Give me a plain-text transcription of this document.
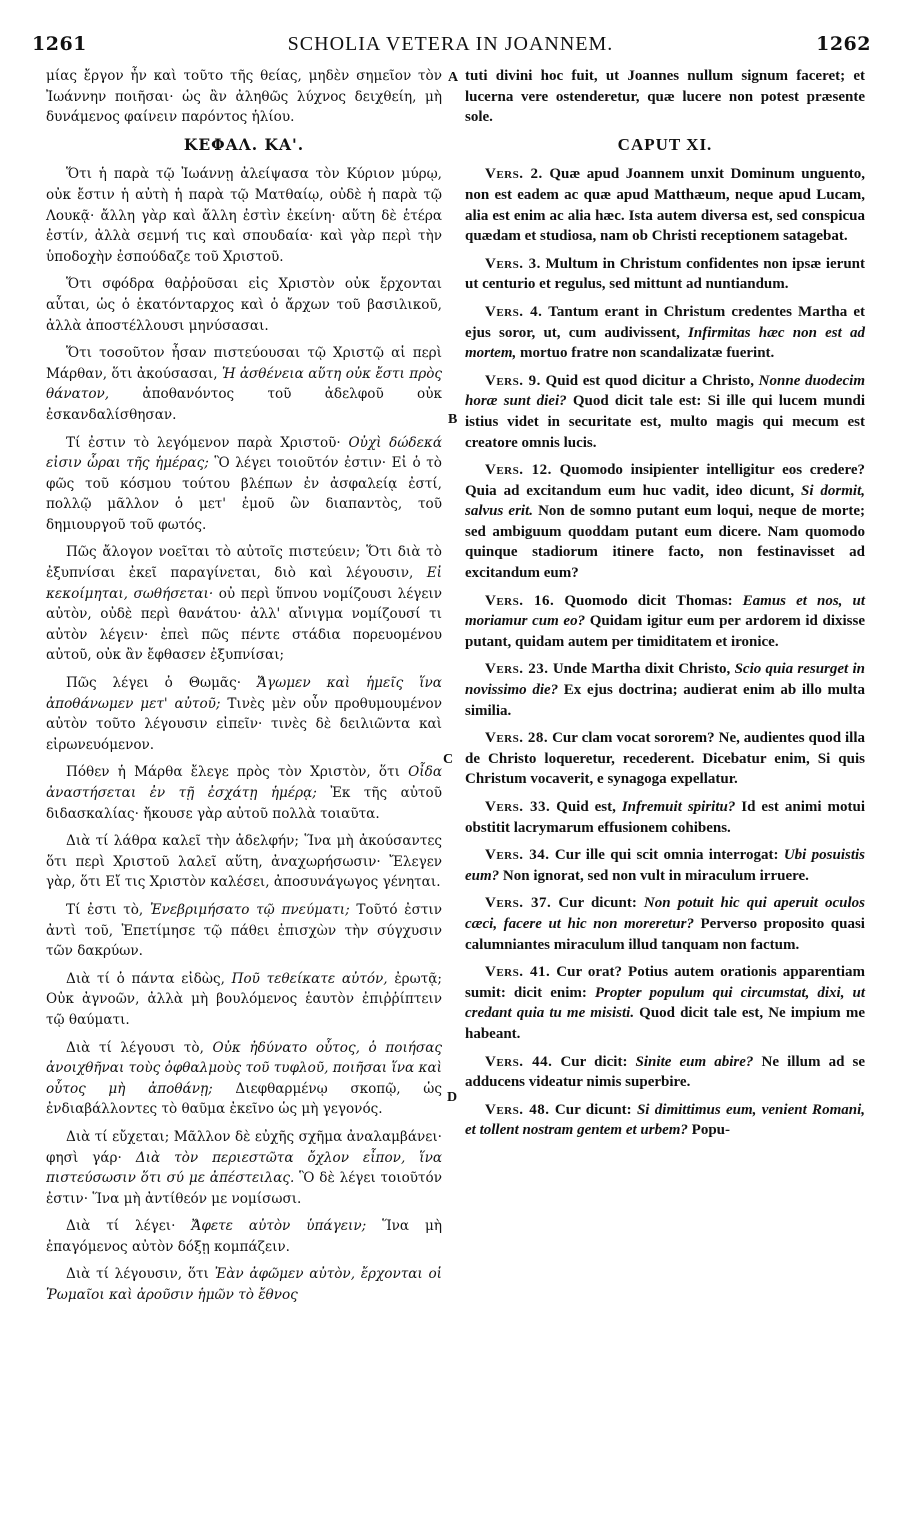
1261	SCHOLIA VETERA IN JOANNEM.	1262
A
B
C
D

μίας ἔργον ἦν καὶ τοῦτο τῆς θείας, μηδὲν σημεῖον τὸν Ἰωάννην ποιῆσαι· ὡς ἂν ἀληθῶς λύχνος δειχθείη, μὴ δυνάμενος φαίνειν παρόντος ἡλίου.

ΚΕΦΑΛ. ΚΑ'.

Ὅτι ἡ παρὰ τῷ Ἰωάννῃ ἀλείψασα τὸν Κύριον μύρῳ, οὐκ ἔστιν ἡ αὐτὴ ἡ παρὰ τῷ Ματθαίῳ, οὐδὲ ἡ παρὰ τῷ Λουκᾷ· ἄλλη γὰρ καὶ ἄλλη ἐστὶν ἐκείνη· αὕτη δὲ ἑτέρα ἐστίν, ἀλλὰ σεμνή τις καὶ σπουδαία· καὶ γὰρ περὶ τὴν ὑποδοχὴν ἐσπούδαζε τοῦ Χριστοῦ.

Ὅτι σφόδρα θαῤῥοῦσαι εἰς Χριστὸν οὐκ ἔρχονται αὗται, ὡς ὁ ἑκατόνταρχος καὶ ὁ ἄρχων τοῦ βασιλικοῦ, ἀλλὰ ἀποστέλλουσι μηνύσασαι.

Ὅτι τοσοῦτον ἦσαν πιστεύουσαι τῷ Χριστῷ αἱ περὶ Μάρθαν, ὅτι ἀκούσασαι, Ἡ ἀσθένεια αὕτη οὐκ ἔστι πρὸς θάνατον, ἀποθανόντος τοῦ ἀδελφοῦ οὐκ ἐσκανδαλίσθησαν.

Τί ἐστιν τὸ λεγόμενον παρὰ Χριστοῦ· Οὐχὶ δώδεκά εἰσιν ὧραι τῆς ἡμέρας; Ὃ λέγει τοιοῦτόν ἐστιν· Εἰ ὁ τὸ φῶς τοῦ κόσμου τούτου βλέπων ἐν ἀσφαλείᾳ ἐστί, πολλῷ μᾶλλον ὁ μετ' ἐμοῦ ὢν διαπαντὸς, τοῦ δημιουργοῦ τοῦ φωτός.

Πῶς ἄλογον νοεῖται τὸ αὐτοῖς πιστεύειν; Ὅτι διὰ τὸ ἐξυπνίσαι ἐκεῖ παραγίνεται, διὸ καὶ λέγουσιν, Εἰ κεκοίμηται, σωθήσεται· οὐ περὶ ὕπνου νομίζουσι λέγειν αὐτὸν, οὐδὲ περὶ θανάτου· ἀλλ' αἴνιγμα νομίζουσί τι αὐτὸν λέγειν· ἐπεὶ πῶς πέντε στάδια πορευομένου αὐτοῦ, οὐκ ἂν ἔφθασεν ἐξυπνίσαι;

Πῶς λέγει ὁ Θωμᾶς· Ἄγωμεν καὶ ἡμεῖς ἵνα ἀποθάνωμεν μετ' αὐτοῦ; Τινὲς μὲν οὖν προθυμουμένον αὐτὸν τοῦτο λέγουσιν εἰπεῖν· τινὲς δὲ δειλιῶντα καὶ εἰρωνευόμενον.

Πόθεν ἡ Μάρθα ἔλεγε πρὸς τὸν Χριστὸν, ὅτι Οἶδα ἀναστήσεται ἐν τῇ ἐσχάτῃ ἡμέρᾳ; Ἐκ τῆς αὐτοῦ διδασκαλίας· ἤκουσε γὰρ αὐτοῦ πολλὰ τοιαῦτα.

Διὰ τί λάθρα καλεῖ τὴν ἀδελφήν; Ἵνα μὴ ἀκούσαντες ὅτι περὶ Χριστοῦ λαλεῖ αὕτη, ἀναχωρήσωσιν· Ἔλεγεν γὰρ, ὅτι Εἴ τις Χριστὸν καλέσει, ἀποσυνάγωγος γένηται.

Τί ἐστι τὸ, Ἐνεβριμήσατο τῷ πνεύματι; Τοῦτό ἐστιν ἀντὶ τοῦ, Ἐπετίμησε τῷ πάθει ἐπισχὼν τὴν σύγχυσιν τῶν δακρύων.

Διὰ τί ὁ πάντα εἰδὼς, Ποῦ τεθείκατε αὐτόν, ἐρωτᾷ; Οὐκ ἀγνοῶν, ἀλλὰ μὴ βουλόμενος ἑαυτὸν ἐπιῤῥίπτειν τῷ θαύματι.

Διὰ τί λέγουσι τὸ, Οὐκ ἠδύνατο οὗτος, ὁ ποιήσας ἀνοιχθῆναι τοὺς ὀφθαλμοὺς τοῦ τυφλοῦ, ποιῆσαι ἵνα καὶ οὗτος μὴ ἀποθάνῃ; Διεφθαρμένῳ σκοπῷ, ὡς ἐνδιαβάλλοντες τὸ θαῦμα ἐκεῖνο ὡς μὴ γεγονός.

Διὰ τί εὔχεται; Μᾶλλον δὲ εὐχῆς σχῆμα ἀναλαμβάνει· φησὶ γάρ· Διὰ τὸν περιεστῶτα ὄχλον εἶπον, ἵνα πιστεύσωσιν ὅτι σύ με ἀπέστειλας. Ὃ δὲ λέγει τοιοῦτόν ἐστιν· Ἵνα μὴ ἀντίθεόν με νομίσωσι.

Διὰ τί λέγει· Ἄφετε αὐτὸν ὑπάγειν; Ἵνα μὴ ἐπαγόμενος αὐτὸν δόξῃ κομπάζειν.

Διὰ τί λέγουσιν, ὅτι Ἐὰν ἀφῶμεν αὐτὸν, ἔρχονται οἱ Ῥωμαῖοι καὶ ἀροῦσιν ἡμῶν τὸ ἔθνος

tuti divini hoc fuit, ut Joannes nullum signum faceret; et lucerna vere ostenderetur, quæ lucere non potest præsente sole.

CAPUT XI.

Vers. 2. Quæ apud Joannem unxit Dominum unguento, non est eadem ac quæ apud Matthæum, neque apud Lucam, alia est enim ac alia hæc. Ista autem diversa est, sed conspicua quædam et studiosa, nam ob Christi receptionem satagebat.

Vers. 3. Multum in Christum confidentes non ipsæ ierunt ut centurio et regulus, sed mittunt ad nuntiandum.

Vers. 4. Tantum erant in Christum credentes Martha et ejus soror, ut, cum audivissent, Infirmitas hæc non est ad mortem, mortuo fratre non scandalizatæ fuerint.

Vers. 9. Quid est quod dicitur a Christo, Nonne duodecim horæ sunt diei? Quod dicit tale est: Si ille qui lucem mundi istius videt in securitate est, multo magis qui mecum est creatore omnis lucis.

Vers. 12. Quomodo insipienter intelligitur eos credere? Quia ad excitandum eum huc vadit, ideo dicunt, Si dormit, salvus erit. Non de somno putant eum loqui, neque de morte; sed ambiguum quoddam putant eum dicere. Nam quomodo quinque stadiorum itinere facto, non festinavisset ad excitandum eum?

Vers. 16. Quomodo dicit Thomas: Eamus et nos, ut moriamur cum eo? Quidam igitur eum per ardorem id dixisse putant, quidam autem per timiditatem et ironice.

Vers. 23. Unde Martha dixit Christo, Scio quia resurget in novissimo die? Ex ejus doctrina; audierat enim ab illo multa similia.

Vers. 28. Cur clam vocat sororem? Ne, audientes quod illa de Christo loqueretur, recederent. Dicebatur enim, Si quis Christum vocaverit, e synagoga expellatur.

Vers. 33. Quid est, Infremuit spiritu? Id est animi motui obstitit lacrymarum effusionem cohibens.

Vers. 34. Cur ille qui scit omnia interrogat: Ubi posuistis eum? Non ignorat, sed non vult in miraculum irruere.

Vers. 37. Cur dicunt: Non potuit hic qui aperuit oculos cæci, facere ut hic non moreretur? Perverso proposito quasi calumniantes miraculum illud tanquam non factum.

Vers. 41. Cur orat? Potius autem orationis apparentiam sumit: dicit enim: Propter populum qui circumstat, dixi, ut credant quia tu me misisti. Quod dicit tale est, Ne impium me habeant.

Vers. 44. Cur dicit: Sinite eum abire? Ne illum ad se adducens videatur nimis superbire.

Vers. 48. Cur dicunt: Si dimittimus eum, venient Romani, et tollent nostram gentem et urbem? Popu-
